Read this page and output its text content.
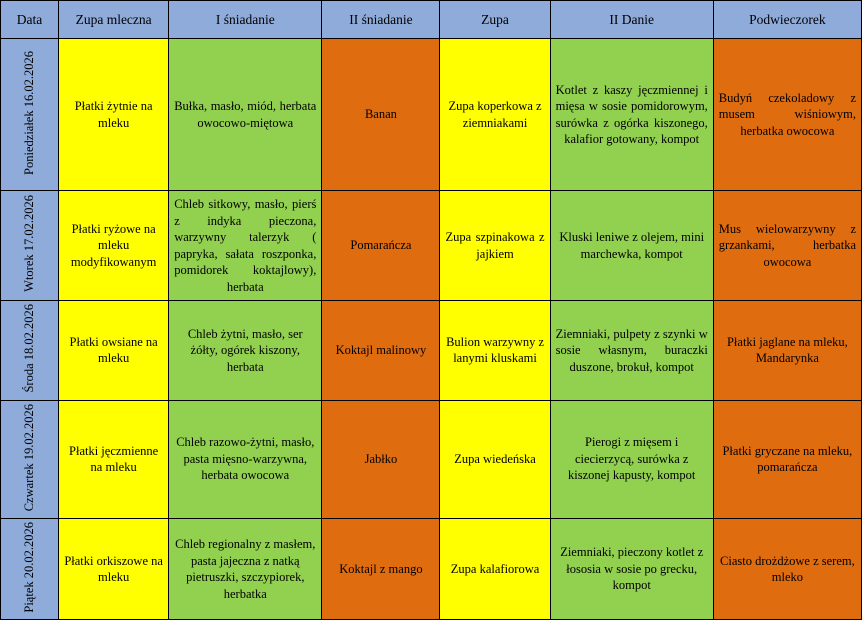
Data	Zupa mleczna	I śniadanie	II śniadanie	Zupa	II Danie	Podwieczorek
Poniedziałek 16.02.2026	Płatki żytnie na mleku	Bułka, masło, miód, herbata owocowo-miętowa	Banan	Zupa koperkowa z ziemniakami	Kotlet z kaszy jęczmiennej i mięsa w sosie pomidorowym, surówka z ogórka kiszonego, kalafior gotowany, kompot	Budyń czekoladowy z musem wiśniowym, herbatka owocowa

Wtorek 17.02.2026	Płatki ryżowe na mleku modyfikowanym	Chleb sitkowy, masło, pierś z indyka pieczona, warzywny talerzyk ( papryka, sałata roszponka, pomidorek koktajlowy), herbata	Pomarańcza	Zupa szpinakowa z jajkiem	Kluski leniwe z olejem, mini marchewka, kompot	Mus wielowarzywny z grzankami, herbatka owocowa

Środa 18.02.2026	Płatki owsiane na mleku	Chleb żytni, masło, ser żółty, ogórek kiszony, herbata	Koktajl malinowy	Bulion warzywny z lanymi kluskami	Ziemniaki, pulpety z szynki w sosie własnym, buraczki duszone, brokuł, kompot	Płatki jaglane na mleku, Mandarynka

Czwartek 19.02.2026	Płatki jęczmienne na mleku	Chleb razowo-żytni, masło, pasta mięsno-warzywna, herbata owocowa	Jabłko	Zupa wiedeńska	Pierogi z mięsem i ciecierzycą, surówka z kiszonej kapusty, kompot	Płatki gryczane na mleku, pomarańcza

Piątek 20.02.2026	Płatki orkiszowe na mleku	Chleb regionalny z masłem, pasta jajeczna z natką pietruszki, szczypiorek, herbatka	Koktajl z mango	Zupa kalafiorowa	Ziemniaki, pieczony kotlet z łososia w sosie po grecku, kompot	Ciasto drożdżowe z serem, mleko
